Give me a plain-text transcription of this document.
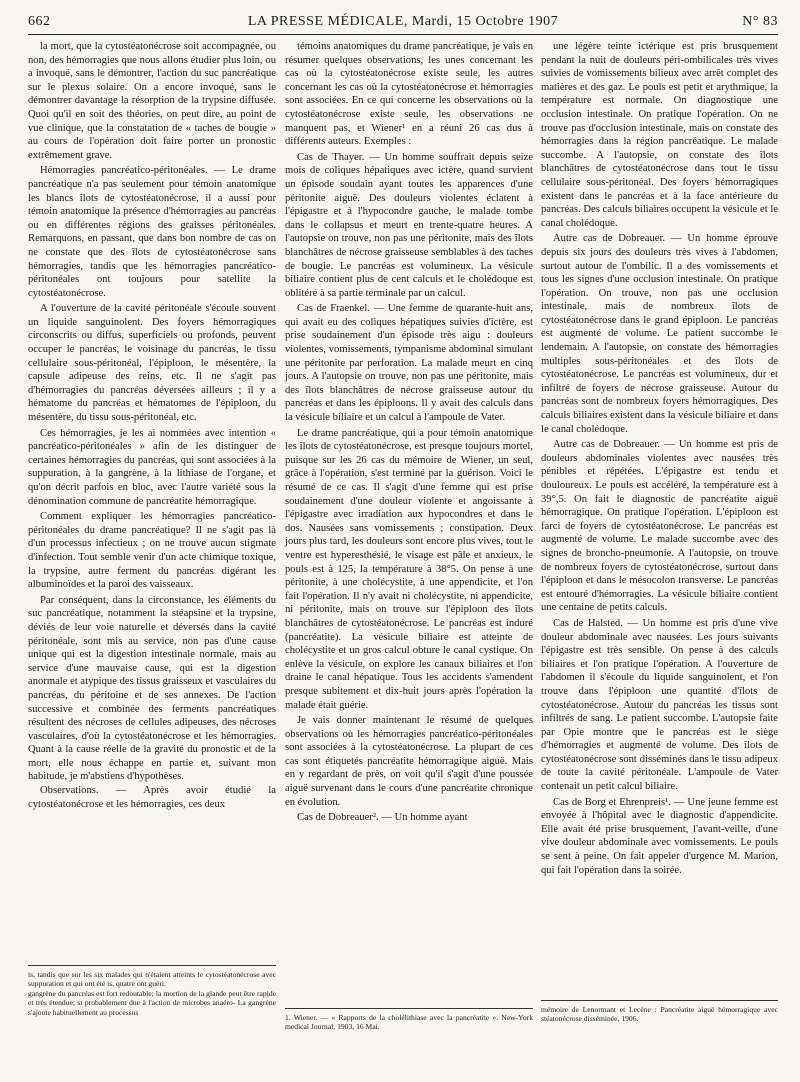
662	LA PRESSE MÉDICALE, Mardi, 15 Octobre 1907	N° 83

la mort, que la cytostéatonécrose soit accompagnée, ou non, des hémorragies que nous allons étudier plus loin, ou a invoqué, sans le démontrer, l'action du suc pancréatique sur le plexus solaire. On a encore invoqué, sans le démontrer davantage la résorption de la trypsine diffusée. Quoi qu'il en soit des théories, on peut dire, au point de vue clinique, que la constatation de « taches de bougie » au cours de l'opération doit faire porter un pronostic extrêmement grave.

Hémorragies pancréatico-péritonéales. — Le drame pancréatique n'a pas seulement pour témoin anatomique les blancs îlots de cytostéatonécrose, il a aussi pour témoin anatomique la présence d'hémorragies au pancréas ou en différentes régions des graisses péritonéales. Remarquons, en passant, que dans bon nombre de cas on ne constate que des îlots de cytostéatonécrose sans hémorragies, tandis que les hémorragies pancréatico-péritonéales ont toujours pour satellite la cytostéatonécrose.

A l'ouverture de la cavité péritonéale s'écoule souvent un liquide sanguinolent. Des foyers hémorragiques circonscrits ou diffus, superficiels ou profonds, peuvent occuper le pancréas, le voisinage du pancréas, le tissu cellulaire sous-péritonéal, l'épiploon, le mésentère, la capsule adipeuse des reins, etc. Il ne s'agit pas d'hémorragies du pancréas déversées ailleurs ; il y a hématome du pancréas et hématomes de l'épiploon, du mésentère, du tissu sous-péritonéal, etc.

Ces hémorragies, je les ai nommées avec intention « pancréatico-péritonéales » afin de les distinguer de certaines hémorragies du pancréas, qui sont associées à la suppuration, à la gangrène, à la lithiase de l'organe, et qu'on décrit parfois en bloc, avec l'autre variété sous la dénomination commune de pancréatite hémorragique.

Comment expliquer les hémorragies pancréatico-péritonéales du drame pancréatique? Il ne s'agit pas là d'un processus infectieux ; on ne trouve aucun stigmate d'infection. Tout semble venir d'un acte chimique toxique, la trypsine, autre ferment du pancréas digérant les albuminoïdes et la paroi des vaisseaux.

Par conséquent, dans la circonstance, les éléments du suc pancréatique, notamment la stéapsine et la trypsine, déviés de leur voie naturelle et déversés dans la cavité péritonéale, sont mis au service, non pas d'une cause unique qui est la digestion intestinale normale, mais au service d'une mauvaise cause, qui est la digestion anormale et atypique des tissus graisseux et vasculaires du pancréas, du péritoine et de ses annexes. De l'action successive et combinée des ferments pancréatiques résultent des nécroses de cellules adipeuses, des nécroses vasculaires, d'où la cytostéatonécrose et les hémorragies. Quant à la cause réelle de la gravité du pronostic et de la mort, elle nous échappe en partie et, suivant mon habitude, je m'abstiens d'hypothèses.

Observations. — Après avoir étudié la cytostéatonécrose et les hémorragies, ces deux

témoins anatomiques du drame pancréatique, je vais en résumer quelques observations, les unes concernant les cas où la cytostéatonécrose existe seule, les autres concernant les cas où la cytostéatonécrose et hémorragies sont associées. En ce qui concerne les observations où la cytostéatonécrose existe seule, les observations ne manquent pas, et Wiener¹ en a réuni 26 cas dus à différents auteurs. Exemples :

Cas de Thayer. — Un homme souffrait depuis seize mois de coliques hépatiques avec ictère, quand survient un épisode soudain ayant toutes les apparences d'une péritonite aiguë. Des douleurs violentes éclatent à l'épigastre et à l'hypocondre gauche, le malade tombe dans le collapsus et meurt en trente-quatre heures. A l'autopsie on trouve, non pas une péritonite, mais des îlots blanchâtres de nécrose graisseuse semblables à des taches de bougie. Le pancréas est volumineux. La vésicule biliaire contient plus de cent calculs et le cholédoque est oblitéré à sa partie terminale par un calcul.

Cas de Fraenkel. — Une femme de quarante-huit ans, qui avait eu des coliques hépatiques suivies d'ictère, est prise soudainement d'un épisode très aigu : douleurs violentes, vomissements, tympanisme abdominal simulant une péritonite par perforation. La malade meurt en cinq jours. A l'autopsie on trouve, non pas une péritonite, mais des îlots blanchâtres de nécrose graisseuse autour du pancréas et dans les épiploons. Il y avait des calculs dans la vésicule biliaire et un calcul à l'ampoule de Vater.

Le drame pancréatique, qui a pour témoin anatomique les îlots de cytostéatonécrose, est presque toujours mortel, puisque sur les 26 cas du mémoire de Wiener, un seul, grâce à l'opération, s'est terminé par la guérison. Voici le résumé de ce cas. Il s'agit d'une femme qui est prise soudainement d'une douleur violente et angoissante à l'épigastre avec irradiation aux hypocondres et dans le dos. Nausées sans vomissements ; constipation. Deux jours plus tard, les douleurs sont encore plus vives, tout le ventre est hyperesthésié, le visage est pâle et anxieux, le pouls est à 125, la température à 38°5. On pense à une péritonite, à une cholécystite, à une appendicite, et l'on fait l'opération. Il n'y avait ni cholécystite, ni appendicite, ni péritonite, mais on trouve sur l'épiploon des îlots blanchâtres de cytostéatonécrose. Le pancréas est induré (pancréatite). La vésicule biliaire est atteinte de cholécystite et un gros calcul obture le canal cystique. On enlève la vésicule, on explore les canaux biliaires et l'on draine le canal hépatique. Tous les accidents s'amendent presque subitement et dix-huit jours après l'opération la malade était guérie.

Je vais donner maintenant le résumé de quelques observations où les hémorragies pancréatico-péritonéales sont associées à la cytostéatonécrose. La plupart de ces cas sont étiquetés pancréatite hémorragique aiguë. Mais en y regardant de près, on voit qu'il s'agit d'une poussée aiguë survenant dans le cours d'une pancréatite chronique en évolution.

Cas de Dobreauer². — Un homme ayant

une légère teinte ictérique est pris brusquement pendant la nuit de douleurs péri-ombilicales très vives suivies de vomissements bilieux avec arrêt complet des matières et des gaz. Le pouls est petit et arythmique, la température est normale. On diagnostique une occlusion intestinale. On pratique l'opération. On ne trouve pas d'occlusion intestinale, mais on constate des hémorragies dans la région pancréatique. Le malade succombe. A l'autopsie, on constate des îlots blanchâtres de cytostéatonécrose dans tout le tissu cellulaire sous-péritonéal. Des foyers hémorragiques existent dans le pancréas et à la face antérieure du pancréas. Des calculs biliaires occupent la vésicule et le canal cholédoque.

Autre cas de Dobreauer. — Un homme éprouve depuis six jours des douleurs très vives à l'abdomen, surtout autour de l'ombilic. Il a des vomissements et tous les signes d'une occlusion intestinale. On pratique l'opération. On trouve, non pas une occlusion intestinale, mais de nombreux îlots de cytostéatonécrose dans le grand épiploon. Le pancréas est augmenté de volume. Le patient succombe le lendemain. A l'autopsie, on constate des hémorragies multiples sous-péritonéales et des îlots de cytostéatonécrose. Le pancréas est volumineux, dur et infiltré de foyers de nécrose graisseuse. Autour du pancréas sont de nombreux foyers hémorragiques. Des calculs biliaires existent dans la vésicule biliaire et dans le canal cholédoque.

Autre cas de Dobreauer. — Un homme est pris de douleurs abdominales violentes avec nausées très pénibles et répétées. L'épigastre est tendu et douloureux. Le pouls est accéléré, la température est à 39°,5. On fait le diagnostic de pancréatite aiguë hémorragique. On pratique l'opération. L'épiploon est farci de foyers de cytostéatonécrose. Le pancréas est augmenté de volume. Le malade succombe avec des signes de broncho-pneumonie. A l'autopsie, on trouve de nombreux foyers de cytostéatonécrose, surtout dans l'épiploon et dans le mésocolon transverse. Le pancréas est entouré d'hémorragies. La vésicule biliaire contient une centaine de petits calculs.

Cas de Halsted. — Un homme est pris d'une vive douleur abdominale avec nausées. Les jours suivants l'épigastre est très sensible. On pense à des calculs biliaires et l'on pratique l'opération. A l'ouverture de l'abdomen il s'écoule du liquide sanguinolent, et l'on trouve dans l'épiploon une quantité d'îlots de cytostéatonécrose. Autour du pancréas les tissus sont infiltrés de sang. Le patient succombe. L'autopsie faite par Opie montre que le pancréas est le siège d'hémorragies et augmenté de volume. Des îlots de cytostéatonécrose sont disséminés dans le tissu adipeux de toute la cavité péritonéale. L'ampoule de Vater contenait un petit calcul biliaire.

Cas de Borg et Ehrenpreis¹. — Une jeune femme est envoyée à l'hôpital avec le diagnostic d'appendicite. Elle avait été prise brusquement, l'avant-veille, d'une vive douleur abdominale avec vomissements. Le pouls se sent à peine. On fait appeler d'urgence M. Marion, qui fait l'opération dans la soirée.

is, tandis que sur les six malades qui n'étaient atteints le cytostéatonécrose avec suppuration et qui ont été is, quatre ont guéri.

gangrène du pancréas est fort redoutable; la mortion de la glande peut être rapide et très étendue; st probablement due à l'action de microbes anaéro- La gangrène s'ajoute habituellement au processus

1. Wiener. — « Rapports de la cholélithiase avec la pancréatite ». New-York medical Journal, 1903, 16 Mai.

mémoire de Lenormant et Lecène : Pancréatite aiguë hémorragique avec stéatonécrose disséminée, 1906.
